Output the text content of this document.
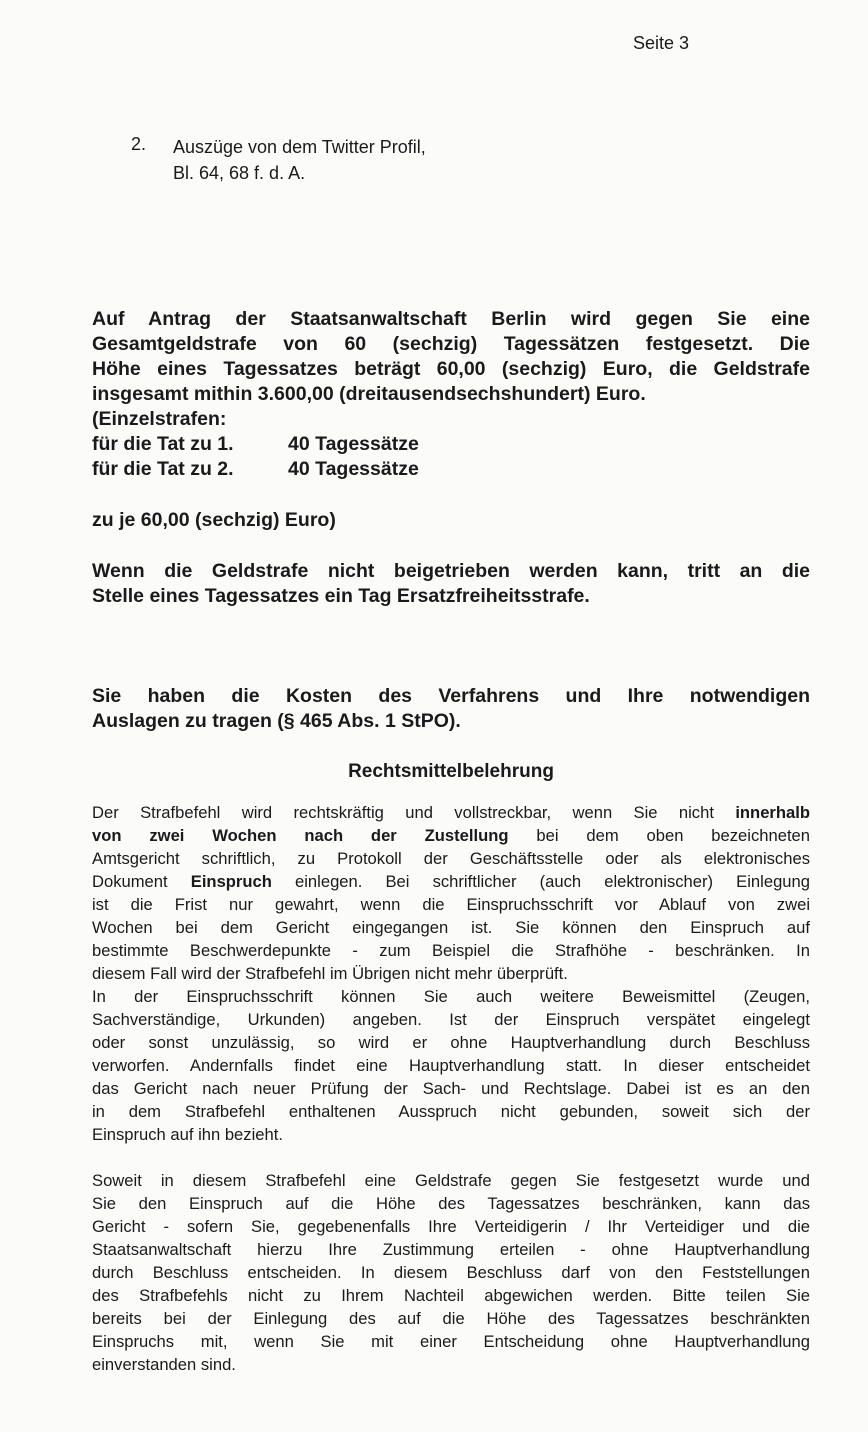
Seite 3
2. Auszüge von dem Twitter Profil,
Bl. 64, 68 f. d. A.
Auf Antrag der Staatsanwaltschaft Berlin wird gegen Sie eine
Gesamtgeldstrafe von 60 (sechzig) Tagessätzen festgesetzt. Die
Höhe eines Tagessatzes beträgt 60,00 (sechzig) Euro, die Geldstrafe
insgesamt mithin 3.600,00 (dreitausendsechshundert) Euro.
(Einzelstrafen:
für die Tat zu 1.	40 Tagessätze
für die Tat zu 2.	40 Tagessätze
zu je 60,00 (sechzig) Euro)
Wenn die Geldstrafe nicht beigetrieben werden kann, tritt an die
Stelle eines Tagessatzes ein Tag Ersatzfreiheitsstrafe.
Sie haben die Kosten des Verfahrens und Ihre notwendigen
Auslagen zu tragen (§ 465 Abs. 1 StPO).
Rechtsmittelbelehrung
Der Strafbefehl wird rechtskräftig und vollstreckbar, wenn Sie nicht innerhalb
von zwei Wochen nach der Zustellung bei dem oben bezeichneten
Amtsgericht schriftlich, zu Protokoll der Geschäftsstelle oder als elektronisches
Dokument Einspruch einlegen. Bei schriftlicher (auch elektronischer) Einlegung
ist die Frist nur gewahrt, wenn die Einspruchsschrift vor Ablauf von zwei
Wochen bei dem Gericht eingegangen ist. Sie können den Einspruch auf
bestimmte Beschwerdepunkte - zum Beispiel die Strafhöhe - beschränken. In
diesem Fall wird der Strafbefehl im Übrigen nicht mehr überprüft.
In der Einspruchsschrift können Sie auch weitere Beweismittel (Zeugen,
Sachverständige, Urkunden) angeben. Ist der Einspruch verspätet eingelegt
oder sonst unzulässig, so wird er ohne Hauptverhandlung durch Beschluss
verworfen. Andernfalls findet eine Hauptverhandlung statt. In dieser entscheidet
das Gericht nach neuer Prüfung der Sach- und Rechtslage. Dabei ist es an den
in dem Strafbefehl enthaltenen Ausspruch nicht gebunden, soweit sich der
Einspruch auf ihn bezieht.
Soweit in diesem Strafbefehl eine Geldstrafe gegen Sie festgesetzt wurde und
Sie den Einspruch auf die Höhe des Tagessatzes beschränken, kann das
Gericht - sofern Sie, gegebenenfalls Ihre Verteidigerin / Ihr Verteidiger und die
Staatsanwaltschaft hierzu Ihre Zustimmung erteilen - ohne Hauptverhandlung
durch Beschluss entscheiden. In diesem Beschluss darf von den Feststellungen
des Strafbefehls nicht zu Ihrem Nachteil abgewichen werden. Bitte teilen Sie
bereits bei der Einlegung des auf die Höhe des Tagessatzes beschränkten
Einspruchs mit, wenn Sie mit einer Entscheidung ohne Hauptverhandlung
einverstanden sind.
